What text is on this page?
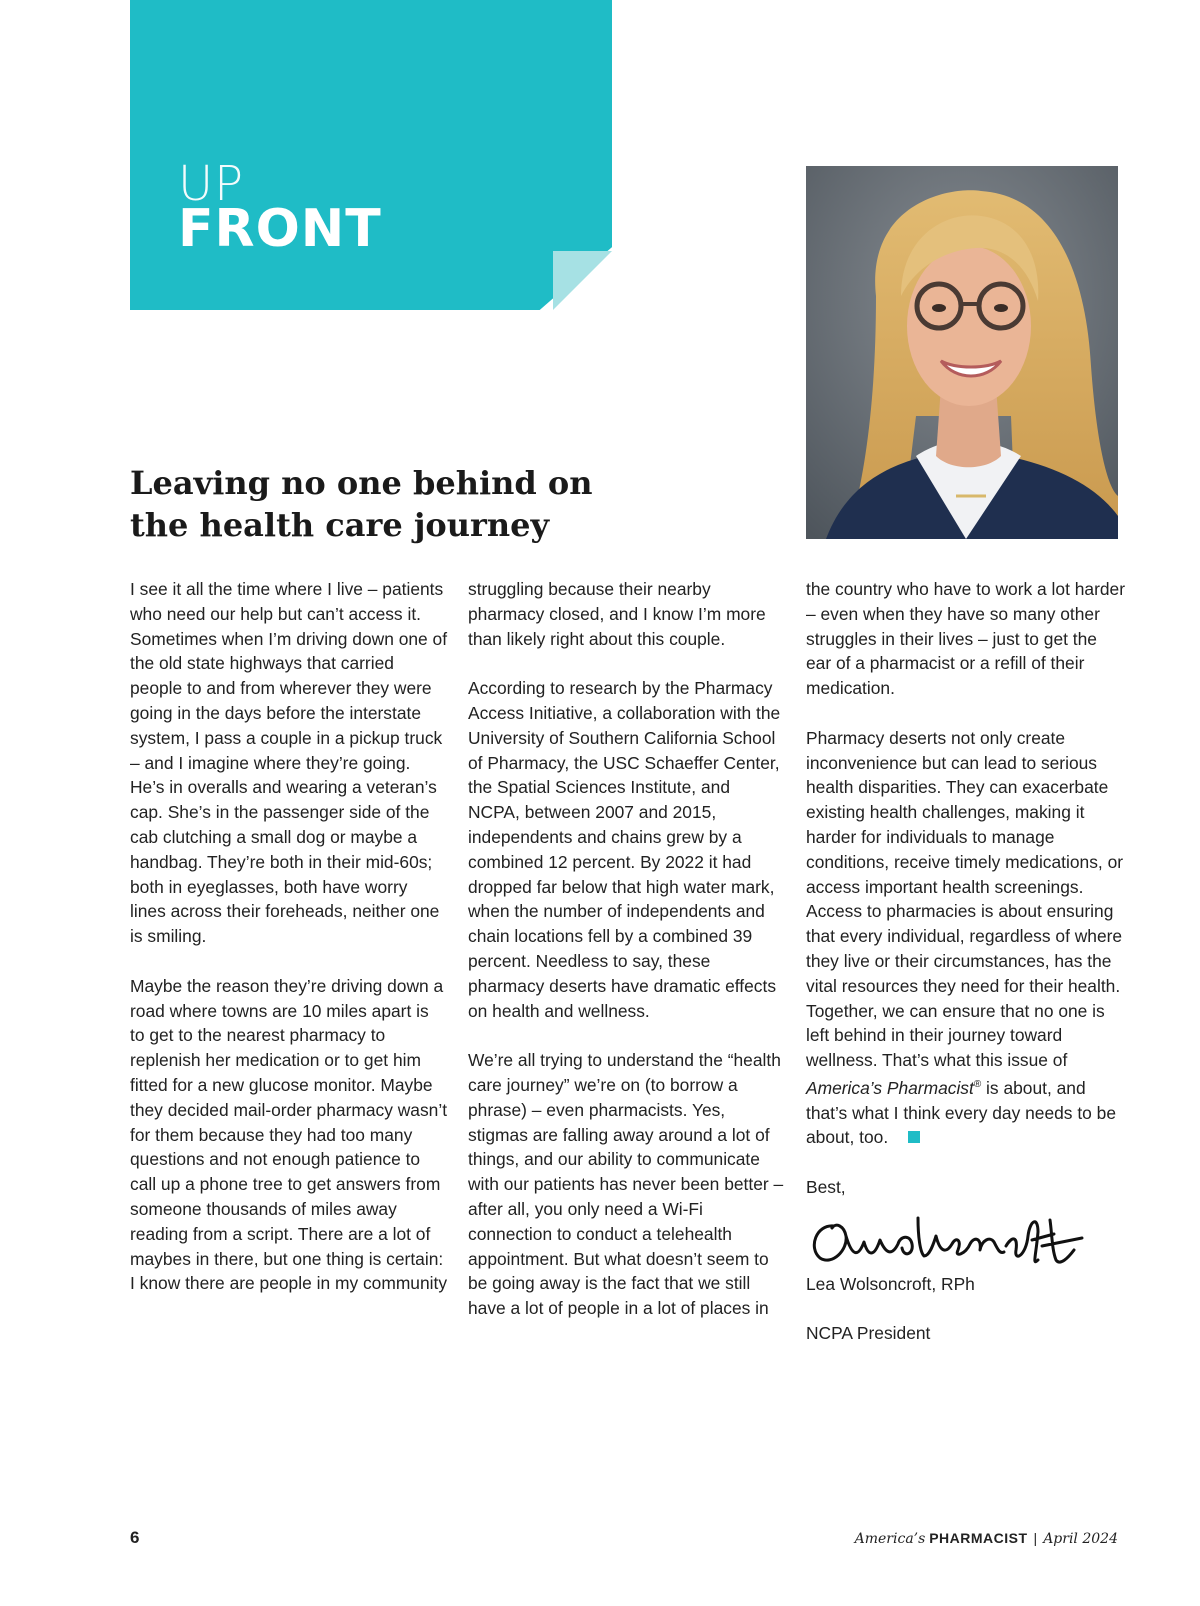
UP
FRONT
Leaving no one behind on the health care journey

I see it all the time where I live – patients who need our help but can’t access it. Sometimes when I’m driving down one of the old state highways that carried people to and from wherever they were going in the days before the interstate system, I pass a couple in a pickup truck – and I imagine where they’re going. He’s in overalls and wearing a veteran’s cap. She’s in the passenger side of the cab clutching a small dog or maybe a handbag. They’re both in their mid-60s; both in eyeglasses, both have worry lines across their foreheads, neither one is smiling.

Maybe the reason they’re driving down a road where towns are 10 miles apart is to get to the nearest pharmacy to replenish her medication or to get him fitted for a new glucose monitor. Maybe they decided mail-order pharmacy wasn’t for them because they had too many questions and not enough patience to call up a phone tree to get answers from someone thousands of miles away reading from a script. There are a lot of maybes in there, but one thing is certain: I know there are people in my community

struggling because their nearby pharmacy closed, and I know I’m more than likely right about this couple.

According to research by the Pharmacy Access Initiative, a collaboration with the University of Southern California School of Pharmacy, the USC Schaeffer Center, the Spatial Sciences Institute, and NCPA, between 2007 and 2015, independents and chains grew by a combined 12 percent. By 2022 it had dropped far below that high water mark, when the number of independents and chain locations fell by a combined 39 percent. Needless to say, these pharmacy deserts have dramatic effects on health and wellness.

We’re all trying to understand the “health care journey” we’re on (to borrow a phrase) – even pharmacists. Yes, stigmas are falling away around a lot of things, and our ability to communicate with our patients has never been better – after all, you only need a Wi-Fi connection to conduct a telehealth appointment. But what doesn’t seem to be going away is the fact that we still have a lot of people in a lot of places in

the country who have to work a lot harder – even when they have so many other struggles in their lives – just to get the ear of a pharmacist or a refill of their medication.

Pharmacy deserts not only create inconvenience but can lead to serious health disparities. They can exacerbate existing health challenges, making it harder for individuals to manage conditions, receive timely medications, or access important health screenings. Access to pharmacies is about ensuring that every individual, regardless of where they live or their circumstances, has the vital resources they need for their health. Together, we can ensure that no one is left behind in their journey toward wellness. That’s what this issue of America’s Pharmacist® is about, and that’s what I think every day needs to be about, too.

Best,

Lea Wolsoncroft, RPh

NCPA President

6	America’s PHARMACIST | April 2024
